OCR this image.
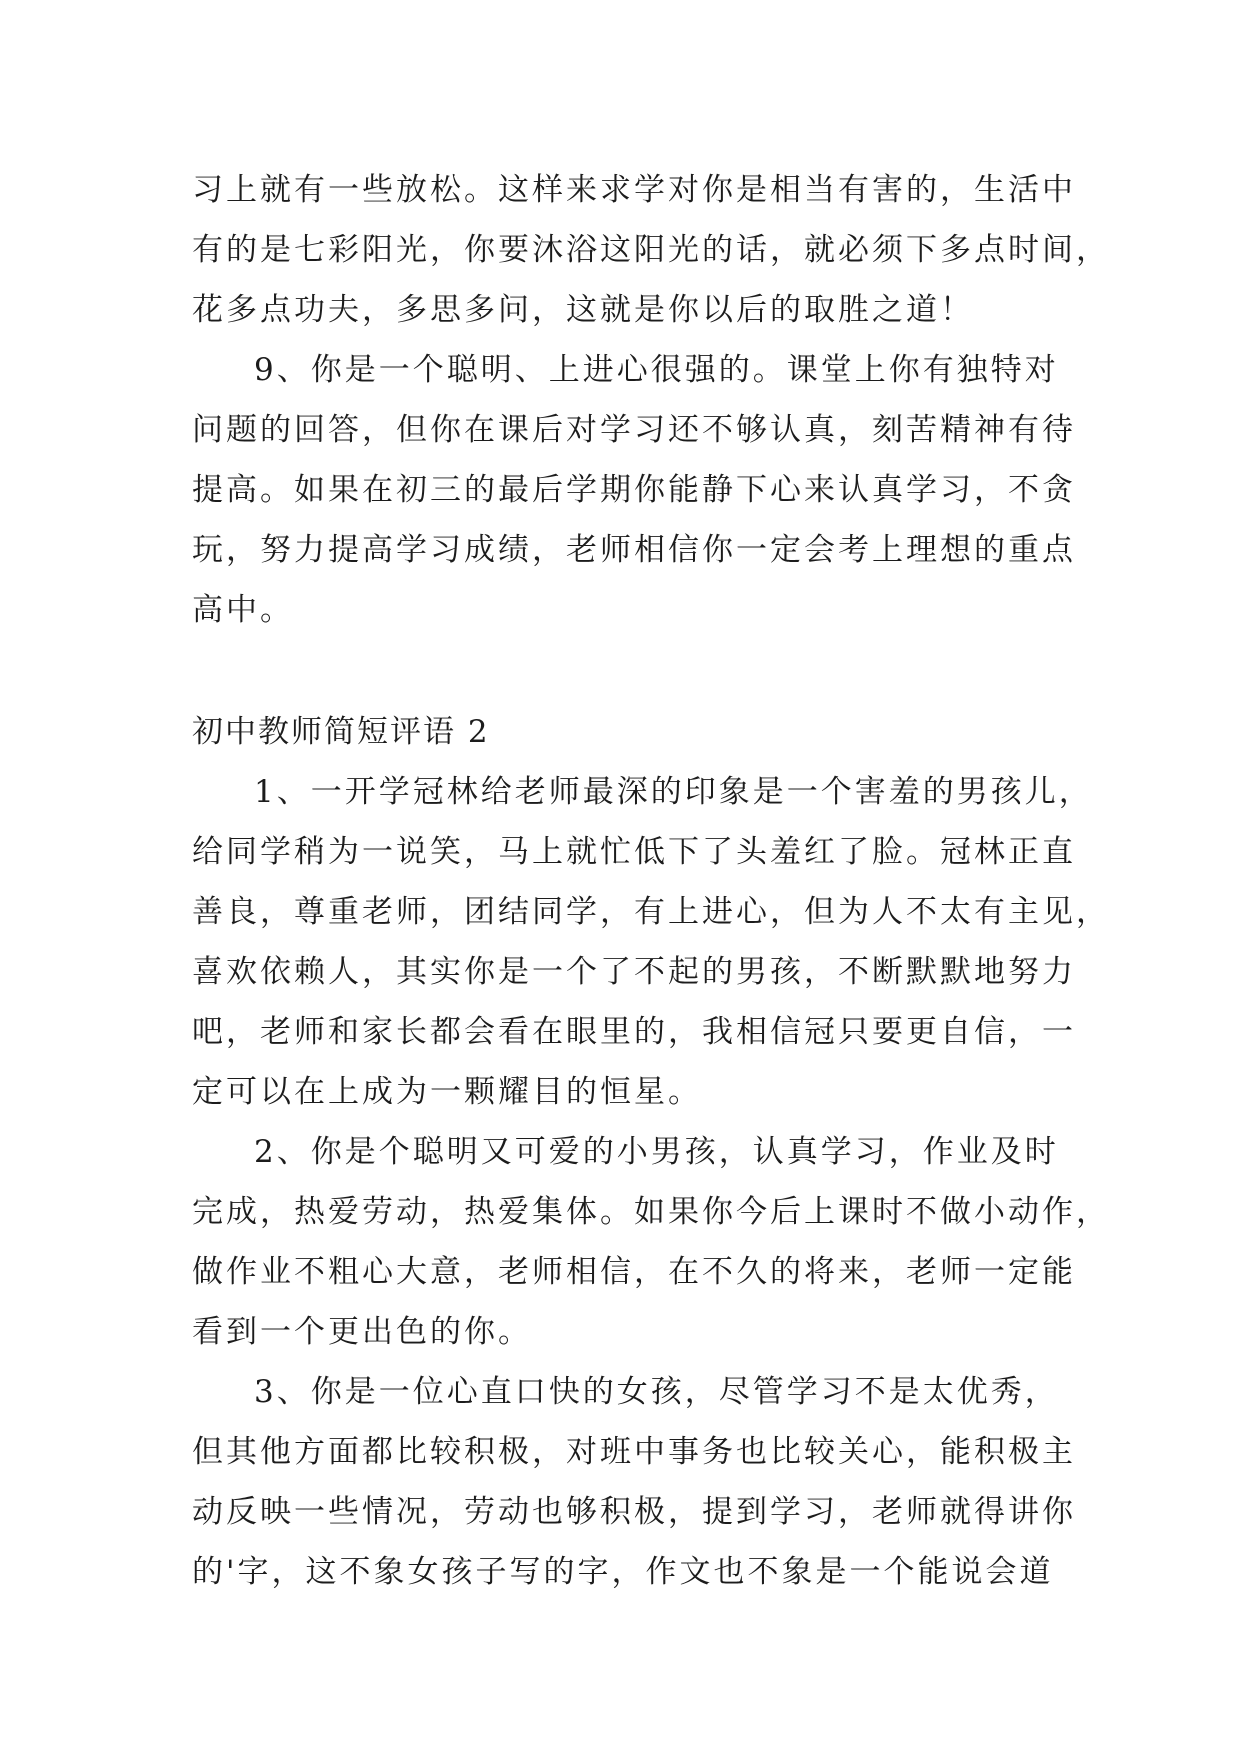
习上就有一些放松。这样来求学对你是相当有害的，生活中
有的是七彩阳光，你要沐浴这阳光的话，就必须下多点时间，
花多点功夫，多思多问，这就是你以后的取胜之道！
9、你是一个聪明、上进心很强的。课堂上你有独特对
问题的回答，但你在课后对学习还不够认真，刻苦精神有待
提高。如果在初三的最后学期你能静下心来认真学习，不贪
玩，努力提高学习成绩，老师相信你一定会考上理想的重点
高中。
初中教师简短评语 2
1、一开学冠林给老师最深的印象是一个害羞的男孩儿，
给同学稍为一说笑，马上就忙低下了头羞红了脸。冠林正直
善良，尊重老师，团结同学，有上进心，但为人不太有主见，
喜欢依赖人，其实你是一个了不起的男孩，不断默默地努力
吧，老师和家长都会看在眼里的，我相信冠只要更自信，一
定可以在上成为一颗耀目的恒星。
2、你是个聪明又可爱的小男孩，认真学习，作业及时
完成，热爱劳动，热爱集体。如果你今后上课时不做小动作，
做作业不粗心大意，老师相信，在不久的将来，老师一定能
看到一个更出色的你。
3、你是一位心直口快的女孩，尽管学习不是太优秀，
但其他方面都比较积极，对班中事务也比较关心，能积极主
动反映一些情况，劳动也够积极，提到学习，老师就得讲你
的'字，这不象女孩子写的字，作文也不象是一个能说会道
